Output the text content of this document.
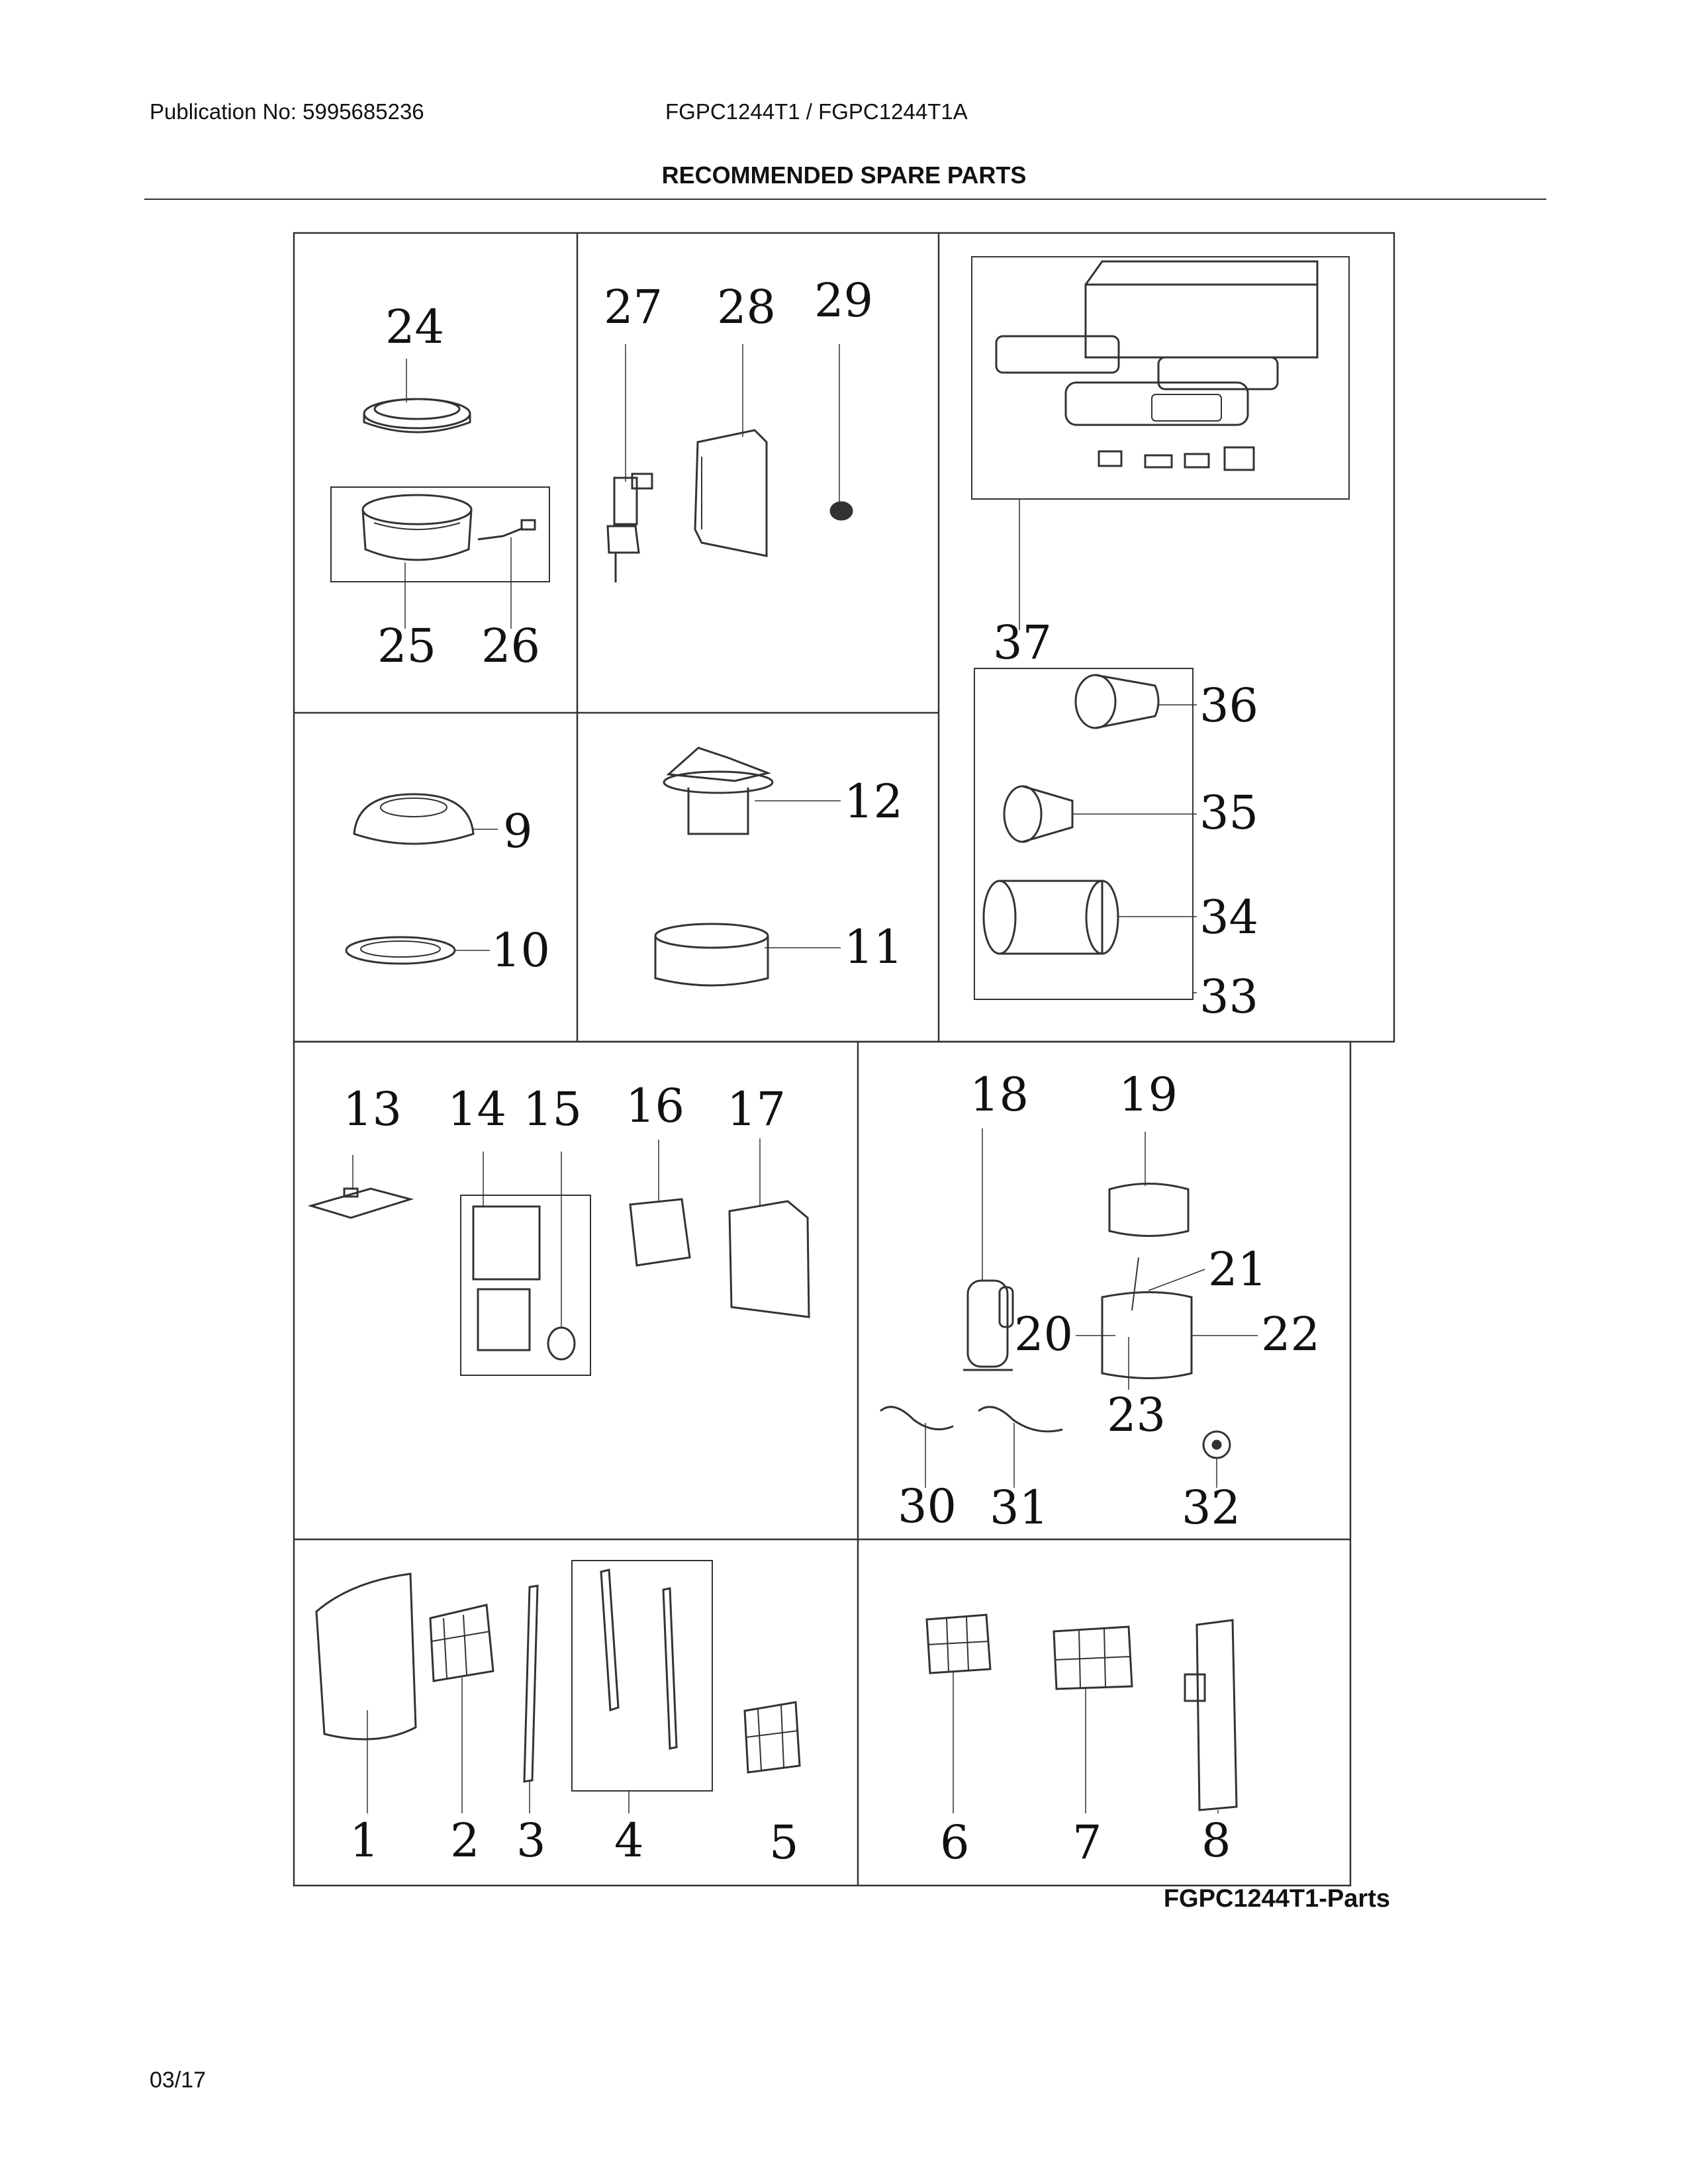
Publication No: 5995685236	FGPC1244T1 / FGPC1244T1A
RECOMMENDED SPARE PARTS
24
25 26
27 28 29
37
36
35
34
33
9
10
12
11
13 14 15 16 17	18 19
21
20	22
23
30 31	32
1 2 3 4	5	6 7 8
FGPC1244T1-Parts
03/17
